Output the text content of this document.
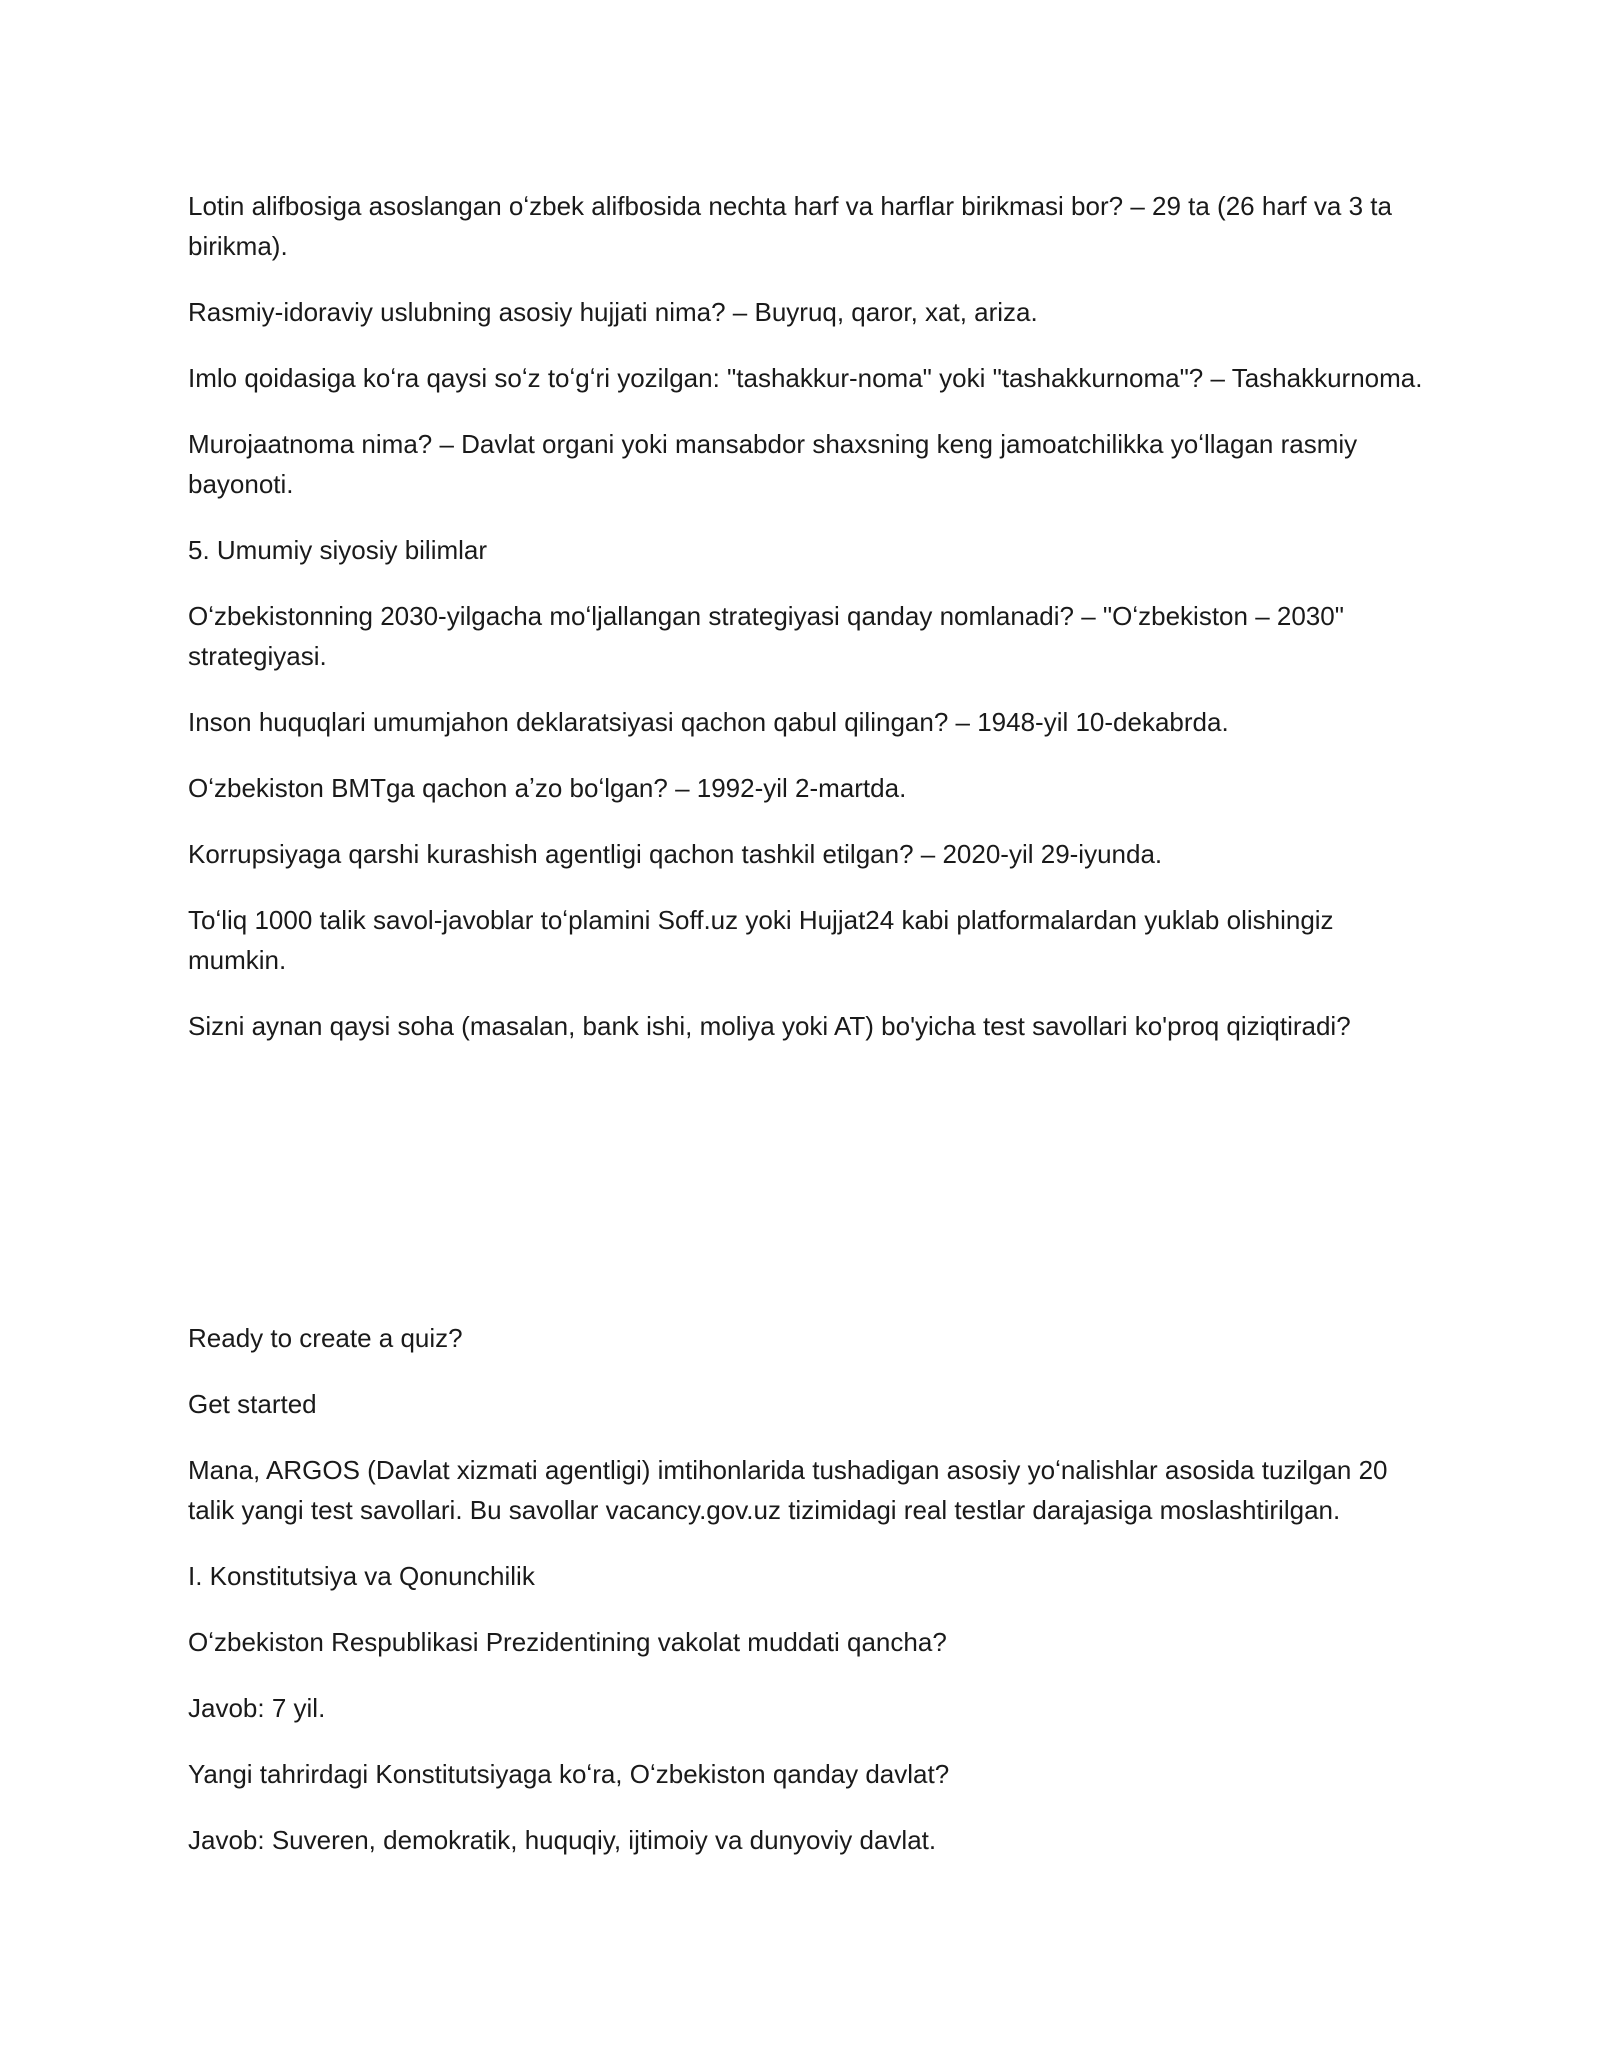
Lotin alifbosiga asoslangan oʻzbek alifbosida nechta harf va harflar birikmasi bor? – 29 ta (26 harf va 3 ta birikma).

Rasmiy-idoraviy uslubning asosiy hujjati nima? – Buyruq, qaror, xat, ariza.

Imlo qoidasiga koʻra qaysi soʻz toʻgʻri yozilgan: "tashakkur-noma" yoki "tashakkurnoma"? – Tashakkurnoma.

Murojaatnoma nima? – Davlat organi yoki mansabdor shaxsning keng jamoatchilikka yoʻllagan rasmiy bayonoti.

5. Umumiy siyosiy bilimlar

Oʻzbekistonning 2030-yilgacha moʻljallangan strategiyasi qanday nomlanadi? – "Oʻzbekiston – 2030" strategiyasi.

Inson huquqlari umumjahon deklaratsiyasi qachon qabul qilingan? – 1948-yil 10-dekabrda.

Oʻzbekiston BMTga qachon aʼzo boʻlgan? – 1992-yil 2-martda.

Korrupsiyaga qarshi kurashish agentligi qachon tashkil etilgan? – 2020-yil 29-iyunda.

Toʻliq 1000 talik savol-javoblar toʻplamini Soff.uz yoki Hujjat24 kabi platformalardan yuklab olishingiz mumkin.

Sizni aynan qaysi soha (masalan, bank ishi, moliya yoki AT) bo'yicha test savollari ko'proq qiziqtiradi?

Ready to create a quiz?

Get started

Mana, ARGOS (Davlat xizmati agentligi) imtihonlarida tushadigan asosiy yoʻnalishlar asosida tuzilgan 20 talik yangi test savollari. Bu savollar vacancy.gov.uz tizimidagi real testlar darajasiga moslashtirilgan.

I. Konstitutsiya va Qonunchilik

Oʻzbekiston Respublikasi Prezidentining vakolat muddati qancha?

Javob: 7 yil.

Yangi tahrirdagi Konstitutsiyaga koʻra, Oʻzbekiston qanday davlat?

Javob: Suveren, demokratik, huquqiy, ijtimoiy va dunyoviy davlat.
